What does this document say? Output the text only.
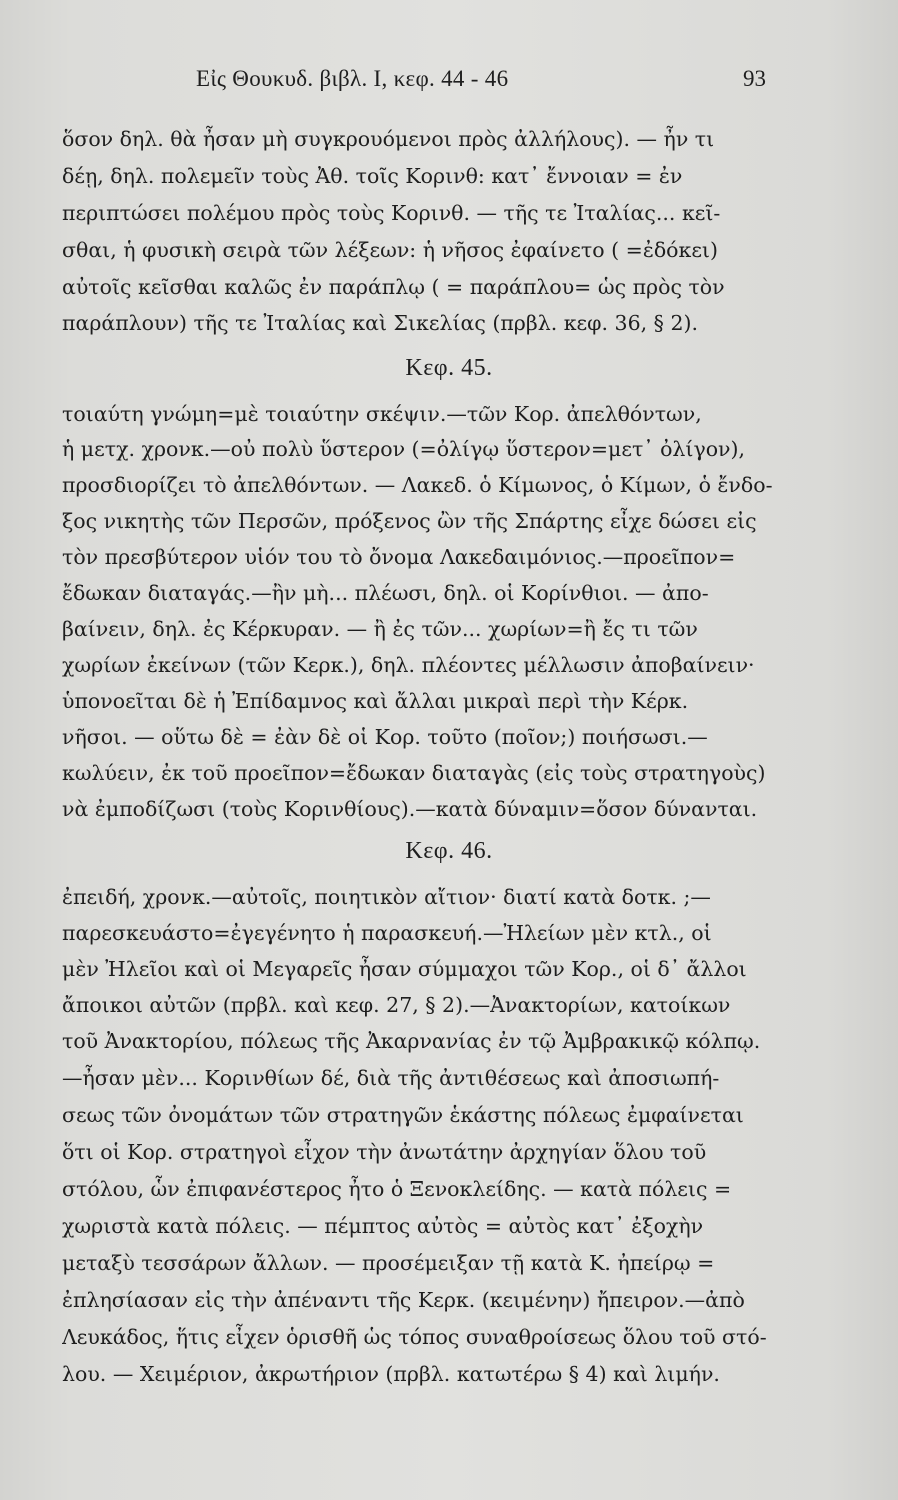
Εἰς Θουκυδ. βιβλ. Ι, κεφ. 44 - 46	93
ὅσον δηλ. θὰ ἦσαν μὴ συγκρουόμενοι πρὸς ἀλλήλους). — ἦν τι
δέῃ, δηλ. πολεμεῖν τοὺς Ἀθ. τοῖς Κορινθ: κατ᾽ ἔννοιαν = ἐν
περιπτώσει πολέμου πρὸς τοὺς Κορινθ. — τῆς τε Ἰταλίας... κεῖ-
σθαι, ἡ φυσικὴ σειρὰ τῶν λέξεων: ἡ νῆσος ἐφαίνετο ( =ἐδόκει)
αὐτοῖς κεῖσθαι καλῶς ἐν παράπλῳ ( = παράπλου= ὡς πρὸς τὸν
παράπλουν) τῆς τε Ἰταλίας καὶ Σικελίας (πρβλ. κεφ. 36, § 2).
Κεφ. 45.
τοιαύτη γνώμη=μὲ τοιαύτην σκέψιν.—τῶν Κορ. ἀπελθόντων,
ἡ μετχ. χρονκ.—οὐ πολὺ ὕστερον (=ὀλίγῳ ὕστερον=μετ᾽ ὀλίγον),
προσδιορίζει τὸ ἀπελθόντων. — Λακεδ. ὁ Κίμωνος, ὁ Κίμων, ὁ ἔνδο-
ξος νικητὴς τῶν Περσῶν, πρόξενος ὢν τῆς Σπάρτης εἶχε δώσει εἰς
τὸν πρεσβύτερον υἱόν του τὸ ὄνομα Λακεδαιμόνιος.—προεῖπον=
ἔδωκαν διαταγάς.—ἢν μὴ... πλέωσι, δηλ. οἱ Κορίνθιοι. — ἀπο-
βαίνειν, δηλ. ἐς Κέρκυραν. — ἢ ἐς τῶν... χωρίων=ἢ ἔς τι τῶν
χωρίων ἐκείνων (τῶν Κερκ.), δηλ. πλέοντες μέλλωσιν ἀποβαίνειν·
ὑπονοεῖται δὲ ἡ Ἐπίδαμνος καὶ ἄλλαι μικραὶ περὶ τὴν Κέρκ.
νῆσοι. — οὕτω δὲ = ἐὰν δὲ οἱ Κορ. τοῦτο (ποῖον;) ποιήσωσι.—
κωλύειν, ἐκ τοῦ προεῖπον=ἔδωκαν διαταγὰς (εἰς τοὺς στρατηγοὺς)
νὰ ἐμποδίζωσι (τοὺς Κορινθίους).—κατὰ δύναμιν=ὅσον δύνανται.
Κεφ. 46.
ἐπειδή, χρονκ.—αὐτοῖς, ποιητικὸν αἴτιον· διατί κατὰ δοτκ. ;—
παρεσκευάστο=ἐγεγένητο ἡ παρασκευή.—Ἠλείων μὲν κτλ., οἱ
μὲν Ἠλεῖοι καὶ οἱ Μεγαρεῖς ἦσαν σύμμαχοι τῶν Κορ., οἱ δ᾽ ἄλλοι
ἄποικοι αὐτῶν (πρβλ. καὶ κεφ. 27, § 2).—Ἀνακτορίων, κατοίκων
τοῦ Ἀνακτορίου, πόλεως τῆς Ἀκαρνανίας ἐν τῷ Ἀμβρακικῷ κόλπῳ.
—ἦσαν μὲν... Κορινθίων δέ, διὰ τῆς ἀντιθέσεως καὶ ἀποσιωπή-
σεως τῶν ὀνομάτων τῶν στρατηγῶν ἑκάστης πόλεως ἐμφαίνεται
ὅτι οἱ Κορ. στρατηγοὶ εἶχον τὴν ἀνωτάτην ἀρχηγίαν ὅλου τοῦ
στόλου, ὧν ἐπιφανέστερος ἦτο ὁ Ξενοκλείδης. — κατὰ πόλεις =
χωριστὰ κατὰ πόλεις. — πέμπτος αὐτὸς = αὐτὸς κατ᾽ ἐξοχὴν
μεταξὺ τεσσάρων ἄλλων. — προσέμειξαν τῇ κατὰ Κ. ἠπείρῳ =
ἐπλησίασαν εἰς τὴν ἀπέναντι τῆς Κερκ. (κειμένην) ἤπειρον.—ἀπὸ
Λευκάδος, ἥτις εἶχεν ὁρισθῆ ὡς τόπος συναθροίσεως ὅλου τοῦ στό-
λου. — Χειμέριον, ἀκρωτήριον (πρβλ. κατωτέρω § 4) καὶ λιμήν.
